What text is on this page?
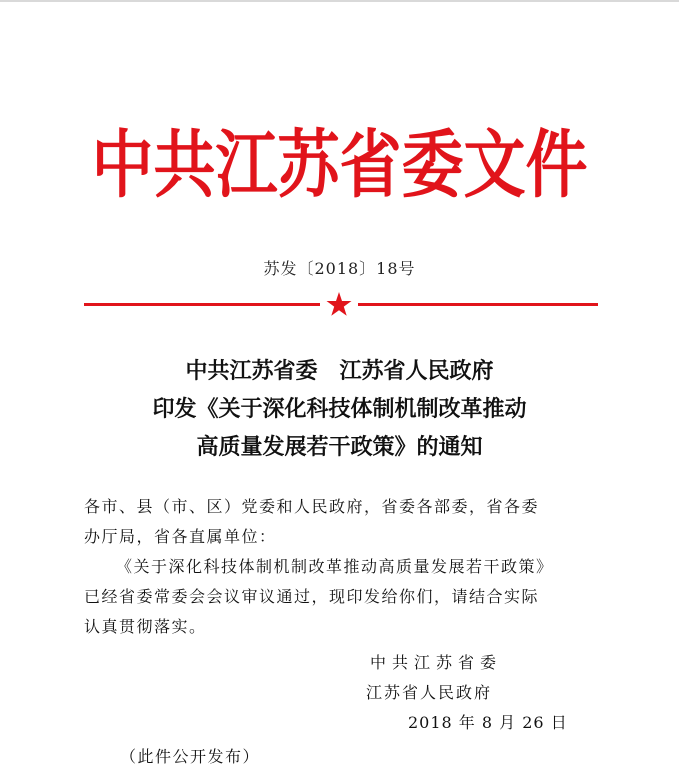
中共江苏省委文件
苏发〔2018〕18号
中共江苏省委　江苏省人民政府
印发《关于深化科技体制机制改革推动
高质量发展若干政策》的通知
各市、县（市、区）党委和人民政府，省委各部委，省各委
办厅局，省各直属单位：
《关于深化科技体制机制改革推动高质量发展若干政策》
已经省委常委会会议审议通过，现印发给你们，请结合实际
认真贯彻落实。
中共江苏省委
江苏省人民政府
2018 年 8 月 26 日
（此件公开发布）
